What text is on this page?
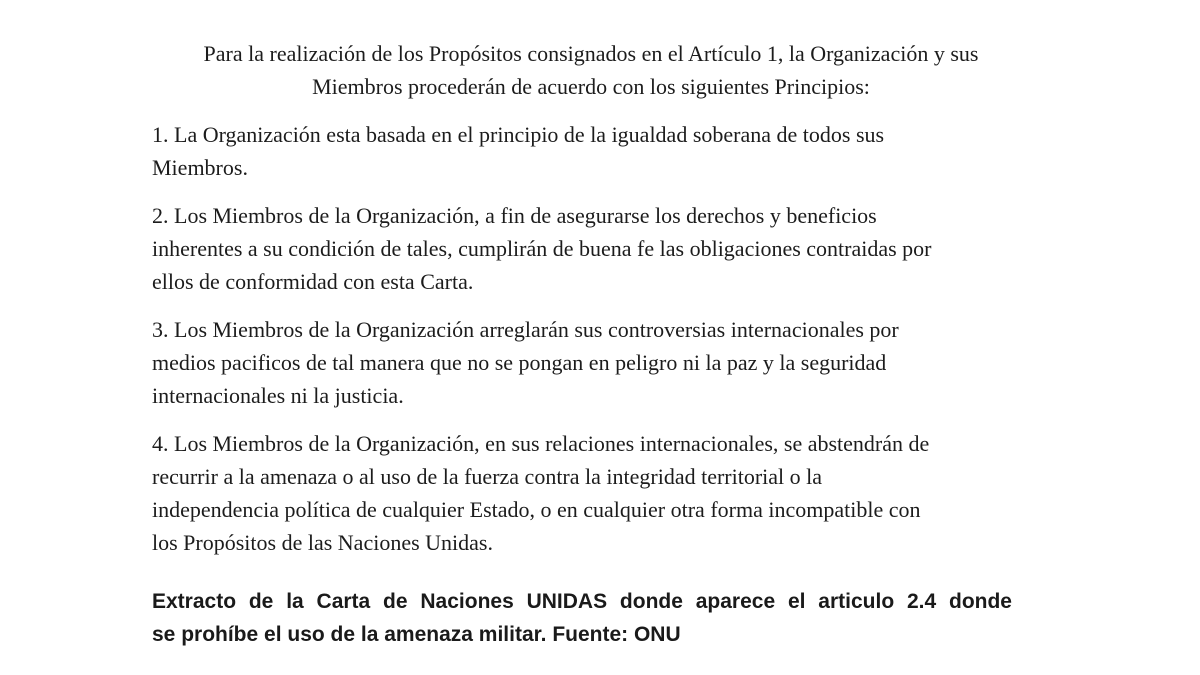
Para la realización de los Propósitos consignados en el Artículo 1, la Organización y sus
Miembros procederán de acuerdo con los siguientes Principios:

1. La Organización esta basada en el principio de la igualdad soberana de todos sus
Miembros.

2. Los Miembros de la Organización, a fin de asegurarse los derechos y beneficios
inherentes a su condición de tales, cumplirán de buena fe las obligaciones contraidas por
ellos de conformidad con esta Carta.

3. Los Miembros de la Organización arreglarán sus controversias internacionales por
medios pacificos de tal manera que no se pongan en peligro ni la paz y la seguridad
internacionales ni la justicia.

4. Los Miembros de la Organización, en sus relaciones internacionales, se abstendrán de
recurrir a la amenaza o al uso de la fuerza contra la integridad territorial o la
independencia política de cualquier Estado, o en cualquier otra forma incompatible con
los Propósitos de las Naciones Unidas.

Extracto de la Carta de Naciones UNIDAS donde aparece el articulo 2.4 donde
se prohíbe el uso de la amenaza militar. Fuente: ONU
